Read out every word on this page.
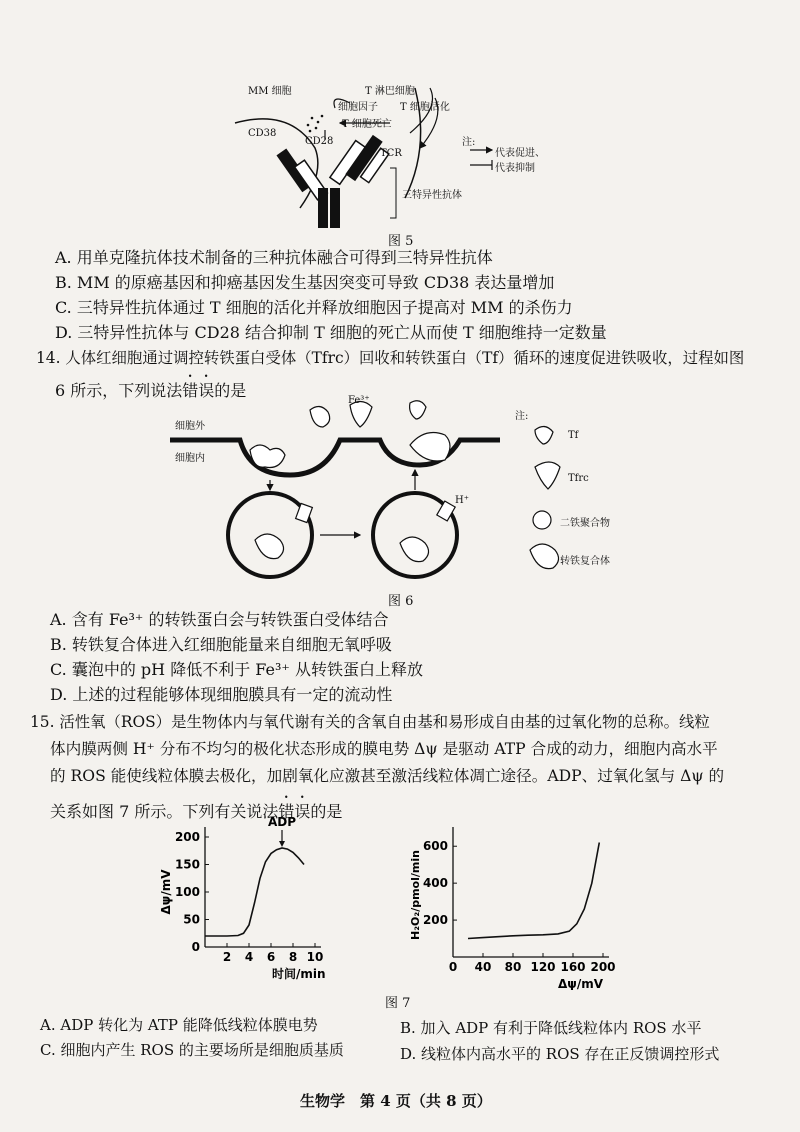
MM 细胞	T 淋巴细胞
细胞因子 T 细胞活化
T 细胞死亡
CD38
CD28
TCR
三特异性抗体
注:
代表促进、
代表抑制
图 5
A. 用单克隆抗体技术制备的三种抗体融合可得到三特异性抗体
B. MM 的原癌基因和抑癌基因发生基因突变可导致 CD38 表达量增加
C. 三特异性抗体通过 T 细胞的活化并释放细胞因子提高对 MM 的杀伤力
D. 三特异性抗体与 CD28 结合抑制 T 细胞的死亡从而使 T 细胞维持一定数量
14. 人体红细胞通过调控转铁蛋白受体（Tfrc）回收和转铁蛋白（Tf）循环的速度促进铁吸收，过程如图
6 所示，下列说法错误的是
细胞外
细胞内
Fe³⁺
H⁺
注:
Tf
Tfrc
二铁聚合物
转铁复合体
图 6
A. 含有 Fe³⁺ 的转铁蛋白会与转铁蛋白受体结合
B. 转铁复合体进入红细胞能量来自细胞无氧呼吸
C. 囊泡中的 pH 降低不利于 Fe³⁺ 从转铁蛋白上释放
D. 上述的过程能够体现细胞膜具有一定的流动性
15. 活性氧（ROS）是生物体内与氧代谢有关的含氧自由基和易形成自由基的过氧化物的总称。线粒
体内膜两侧 H⁺ 分布不均匀的极化状态形成的膜电势 Δψ 是驱动 ATP 合成的动力，细胞内高水平
的 ROS 能使线粒体膜去极化，加剧氧化应激甚至激活线粒体凋亡途径。ADP、过氧化氢与 Δψ 的
关系如图 7 所示。下列有关说法错误的是
2 4 6 8 10
0
50
100
150
200
时间/min
Δψ/mV
ADP
0 40 80 120 160 200
200
400
600
Δψ/mV
H₂O₂/pmol/min
图 7
A. ADP 转化为 ATP 能降低线粒体膜电势	B. 加入 ADP 有利于降低线粒体内 ROS 水平
C. 细胞内产生 ROS 的主要场所是细胞质基质	D. 线粒体内高水平的 ROS 存在正反馈调控形式
生物学　第 4 页（共 8 页）
